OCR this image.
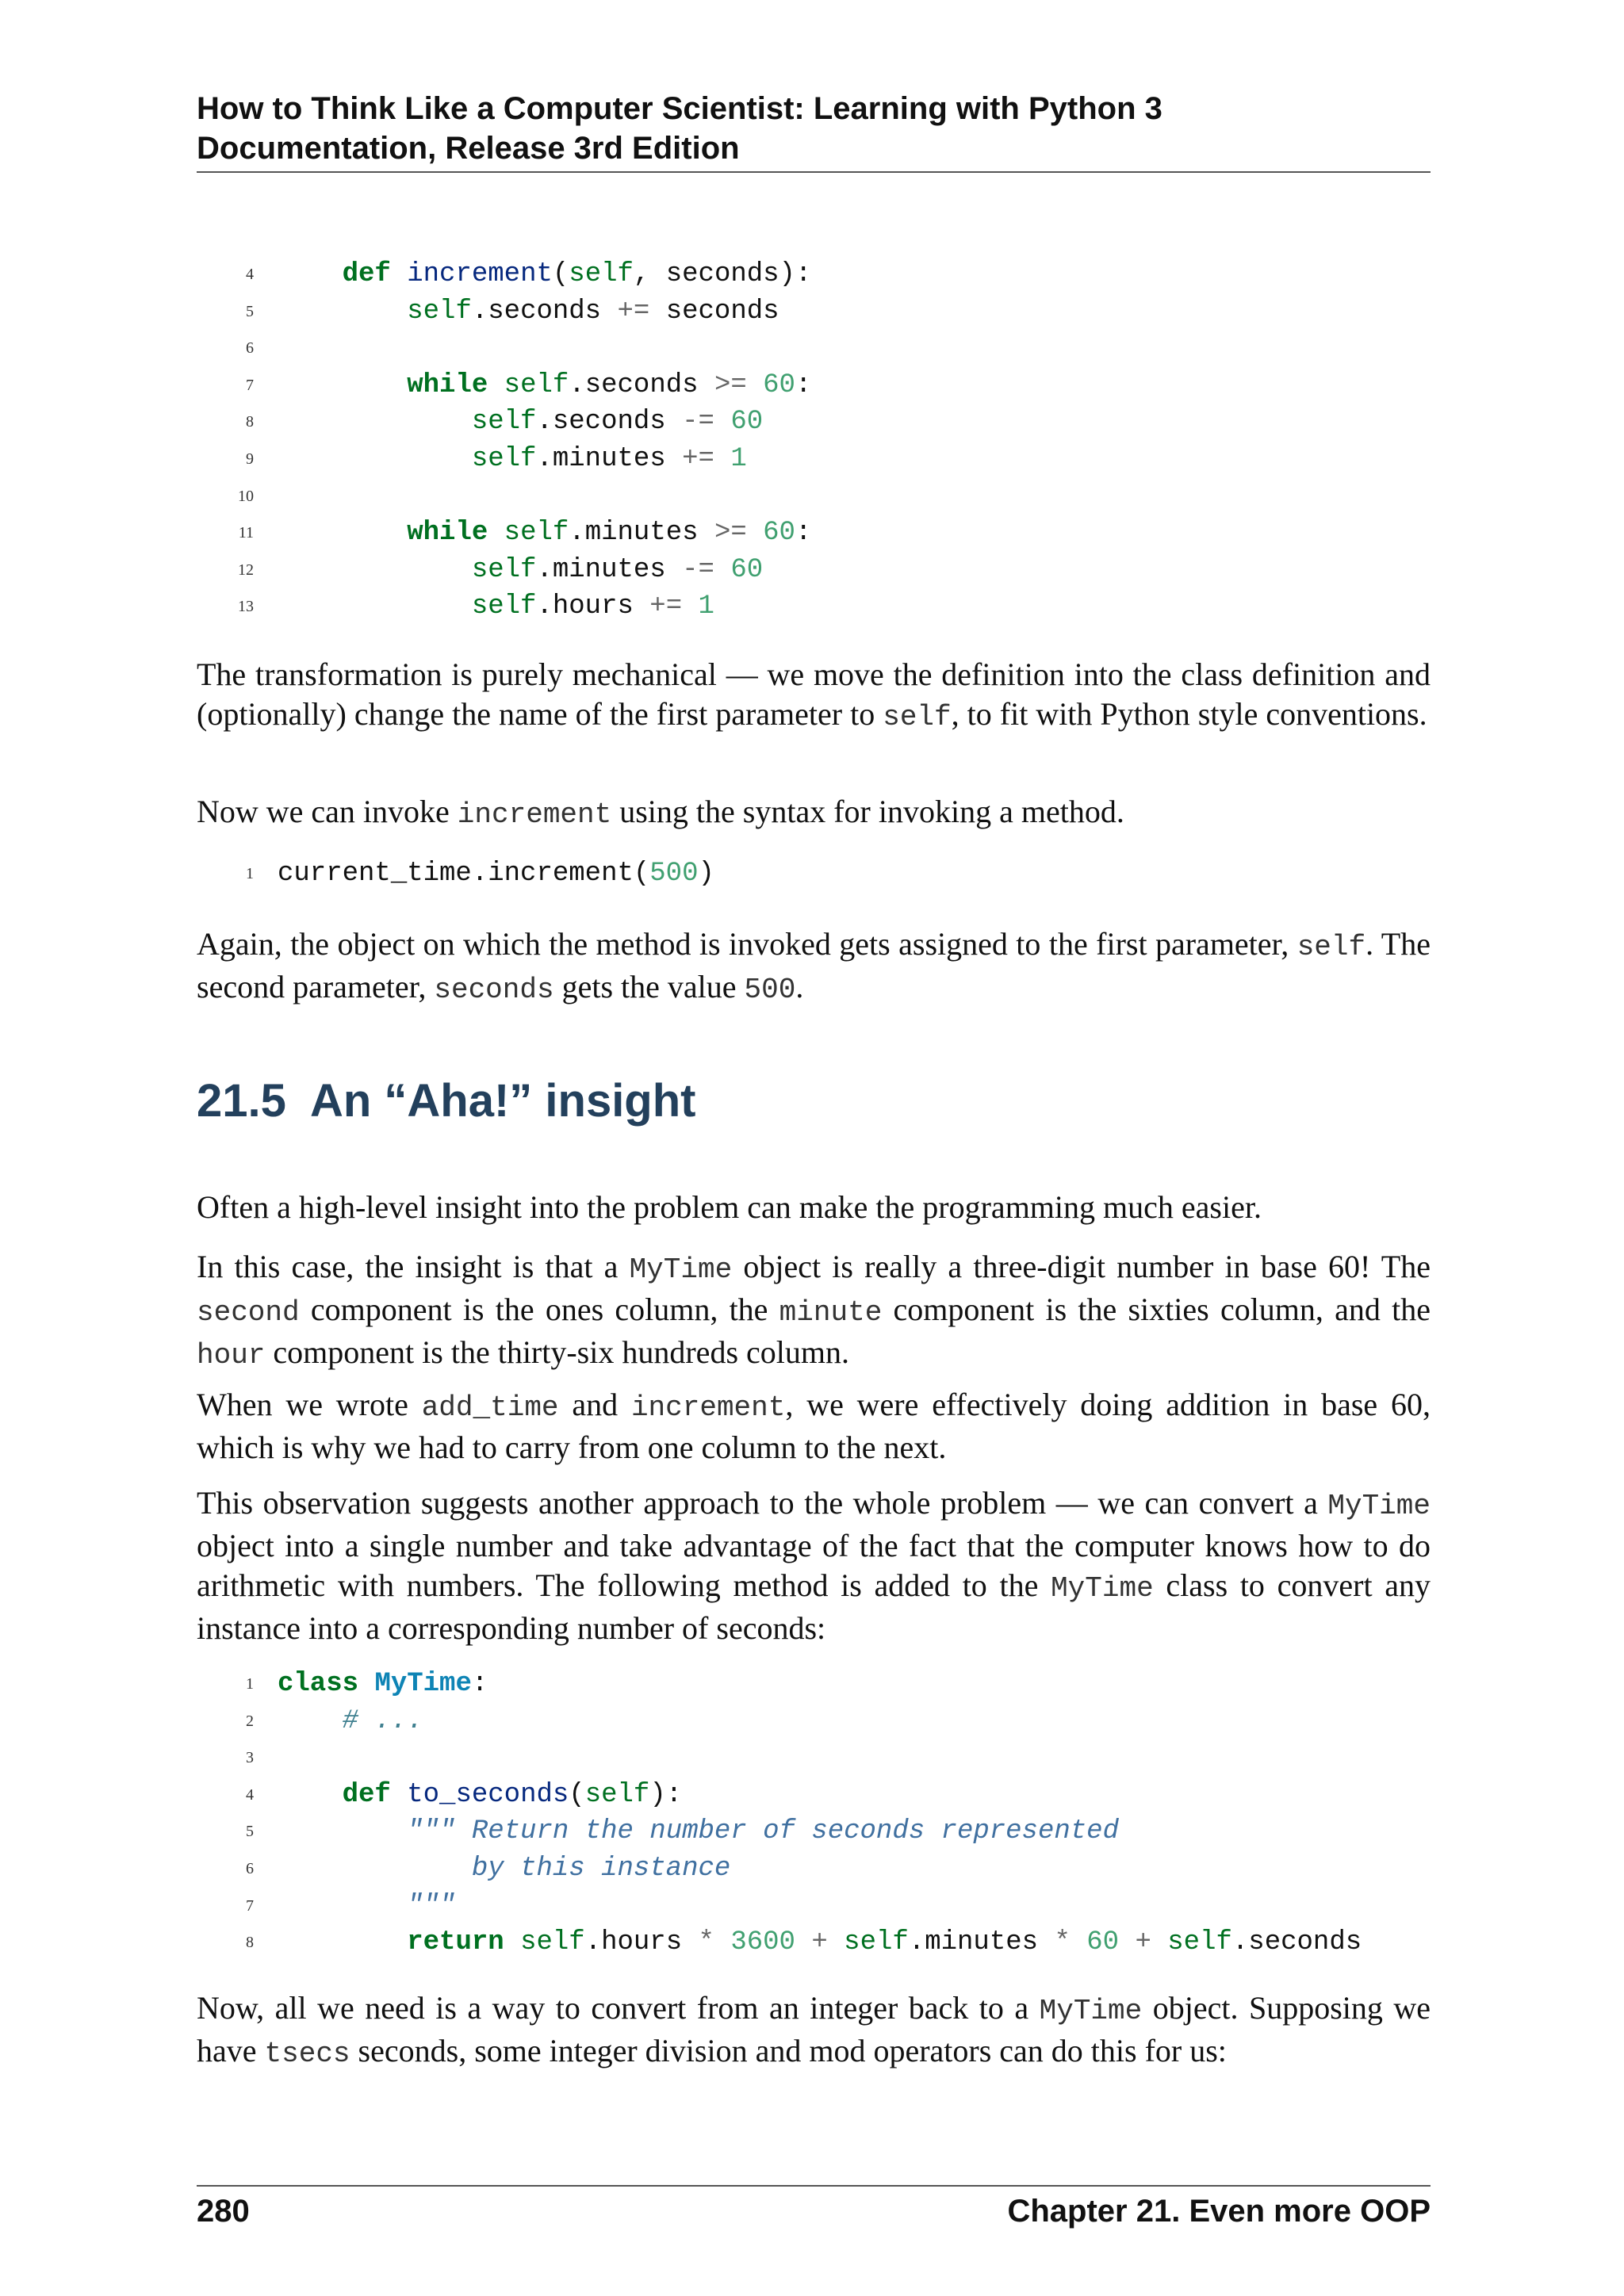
How to Think Like a Computer Scientist: Learning with Python 3
Documentation, Release 3rd Edition

4

	def increment(self, seconds):

5

	self.seconds += seconds

6

7

	while self.seconds >= 60:

8

	self.seconds -= 60

9

	self.minutes += 1

10

11

	while self.minutes >= 60:

12

	self.minutes -= 60

13

	self.hours += 1

The transformation is purely mechanical — we move the definition into the class definition and (optionally) change the name of the first parameter to self, to fit with Python style conventions.

Now we can invoke increment using the syntax for invoking a method.

1

current_time.increment(500)

Again, the object on which the method is invoked gets assigned to the first parameter, self. The second parameter, seconds gets the value 500.

21.5 An “Aha!” insight

Often a high-level insight into the problem can make the programming much easier.

In this case, the insight is that a MyTime object is really a three-digit number in base 60! The second component is the ones column, the minute component is the sixties column, and the hour component is the thirty-six hundreds column.

When we wrote add_time and increment, we were effectively doing addition in base 60, which is why we had to carry from one column to the next.

This observation suggests another approach to the whole problem — we can convert a MyTime object into a single number and take advantage of the fact that the computer knows how to do arithmetic with numbers. The following method is added to the MyTime class to convert any instance into a corresponding number of seconds:

1

class MyTime:

2

	# ...

3

4

	def to_seconds(self):

5

	""" Return the number of seconds represented

6

by this instance

7

"""

8

	return self.hours * 3600 + self.minutes * 60 + self.seconds

Now, all we need is a way to convert from an integer back to a MyTime object. Supposing we have tsecs seconds, some integer division and mod operators can do this for us:

280	Chapter 21. Even more OOP
